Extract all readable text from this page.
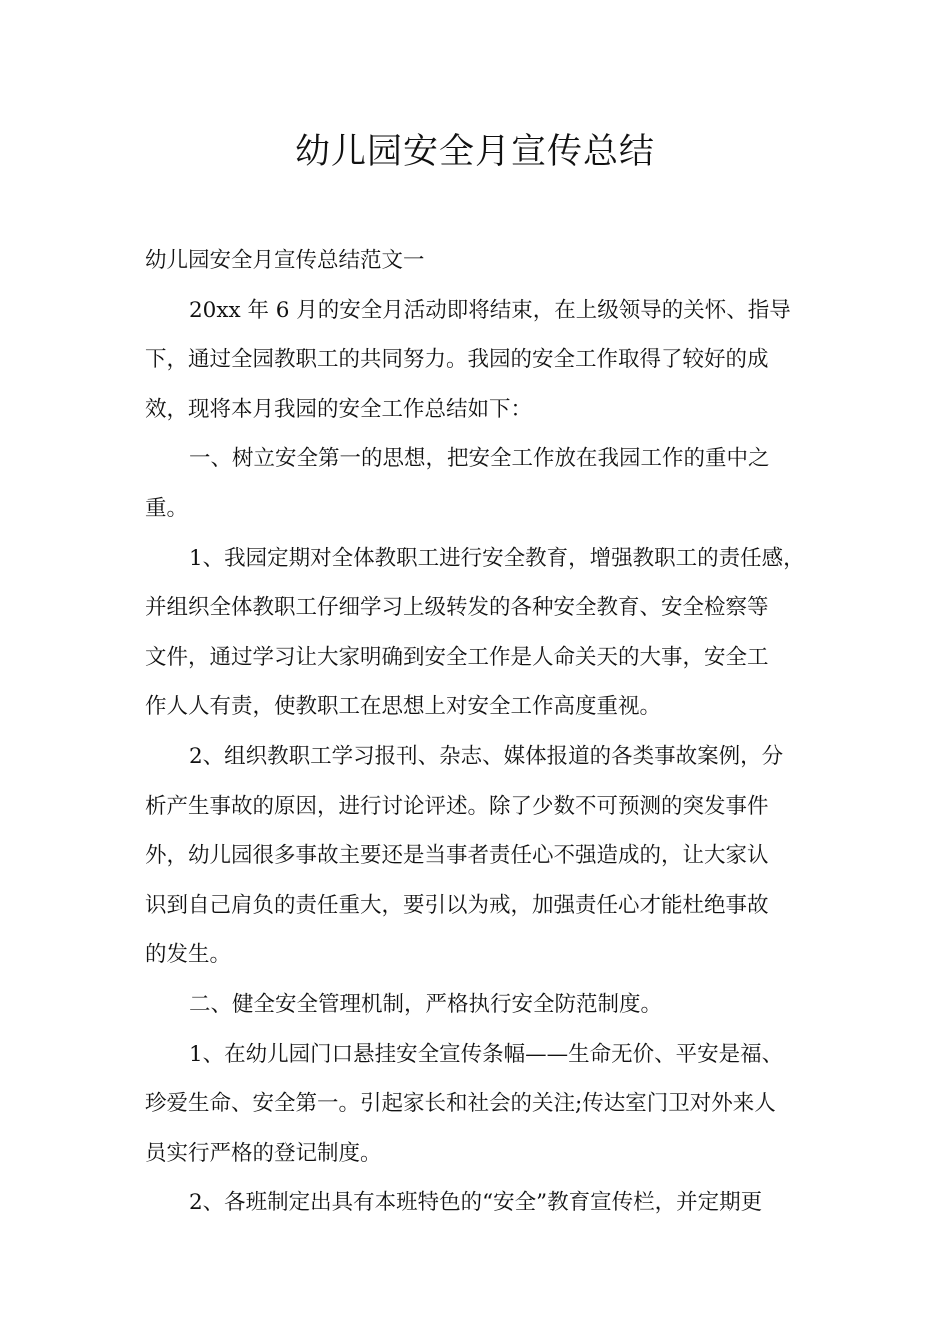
幼儿园安全月宣传总结

幼儿园安全月宣传总结范文一

20xx 年 6 月的安全月活动即将结束，在上级领导的关怀、指导

下，通过全园教职工的共同努力。我园的安全工作取得了较好的成

效，现将本月我园的安全工作总结如下：

一、树立安全第一的思想，把安全工作放在我园工作的重中之

重。

1、我园定期对全体教职工进行安全教育，增强教职工的责任感，

并组织全体教职工仔细学习上级转发的各种安全教育、安全检察等

文件，通过学习让大家明确到安全工作是人命关天的大事，安全工

作人人有责，使教职工在思想上对安全工作高度重视。

2、组织教职工学习报刊、杂志、媒体报道的各类事故案例，分

析产生事故的原因，进行讨论评述。除了少数不可预测的突发事件

外，幼儿园很多事故主要还是当事者责任心不强造成的，让大家认

识到自己肩负的责任重大，要引以为戒，加强责任心才能杜绝事故

的发生。

二、健全安全管理机制，严格执行安全防范制度。

1、在幼儿园门口悬挂安全宣传条幅——生命无价、平安是福、

珍爱生命、安全第一。引起家长和社会的关注;传达室门卫对外来人

员实行严格的登记制度。

2、各班制定出具有本班特色的“安全”教育宣传栏，并定期更
